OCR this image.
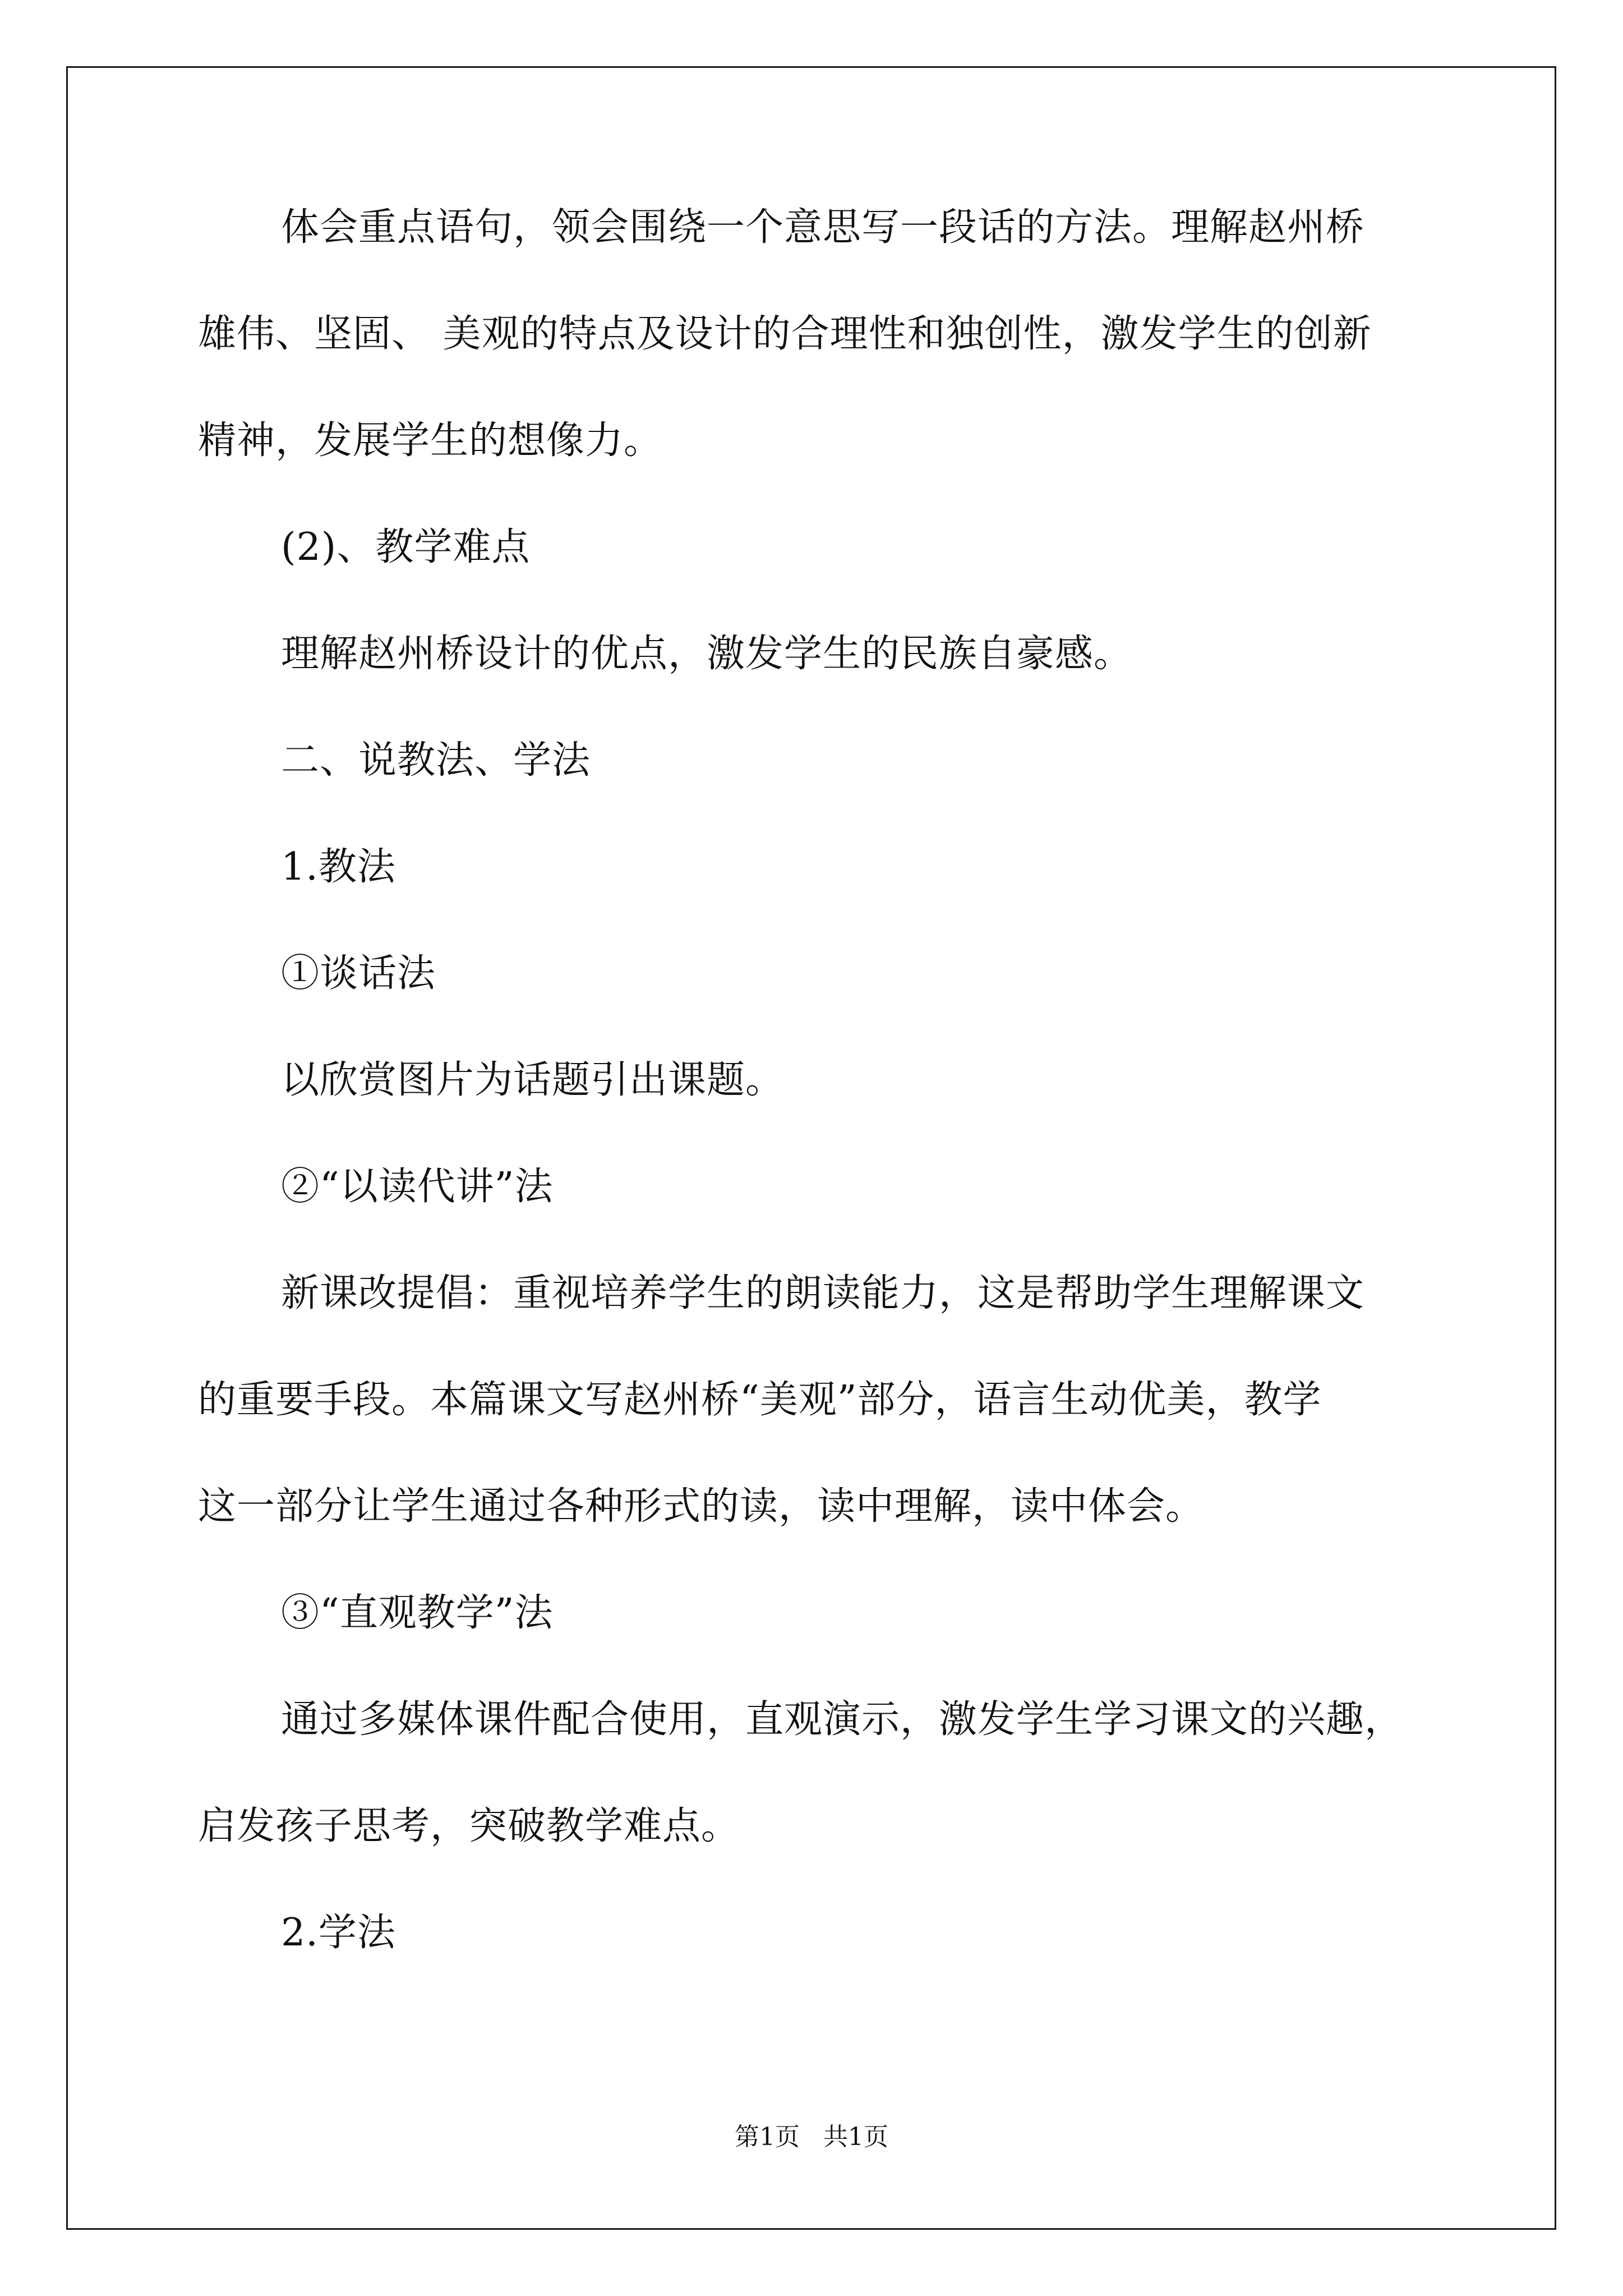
体会重点语句，领会围绕一个意思写一段话的方法。理解赵州桥
雄伟、坚固、 美观的特点及设计的合理性和独创性，激发学生的创新
精神，发展学生的想像力。
(2)、教学难点
理解赵州桥设计的优点，激发学生的民族自豪感。
二、说教法、学法
1.教法
①谈话法
以欣赏图片为话题引出课题。
②“以读代讲”法
新课改提倡：重视培养学生的朗读能力，这是帮助学生理解课文
的重要手段。本篇课文写赵州桥“美观”部分，语言生动优美，教学
这一部分让学生通过各种形式的读，读中理解，读中体会。
③“直观教学”法
通过多媒体课件配合使用，直观演示，激发学生学习课文的兴趣，
启发孩子思考，突破教学难点。
2.学法
第1页 共1页
